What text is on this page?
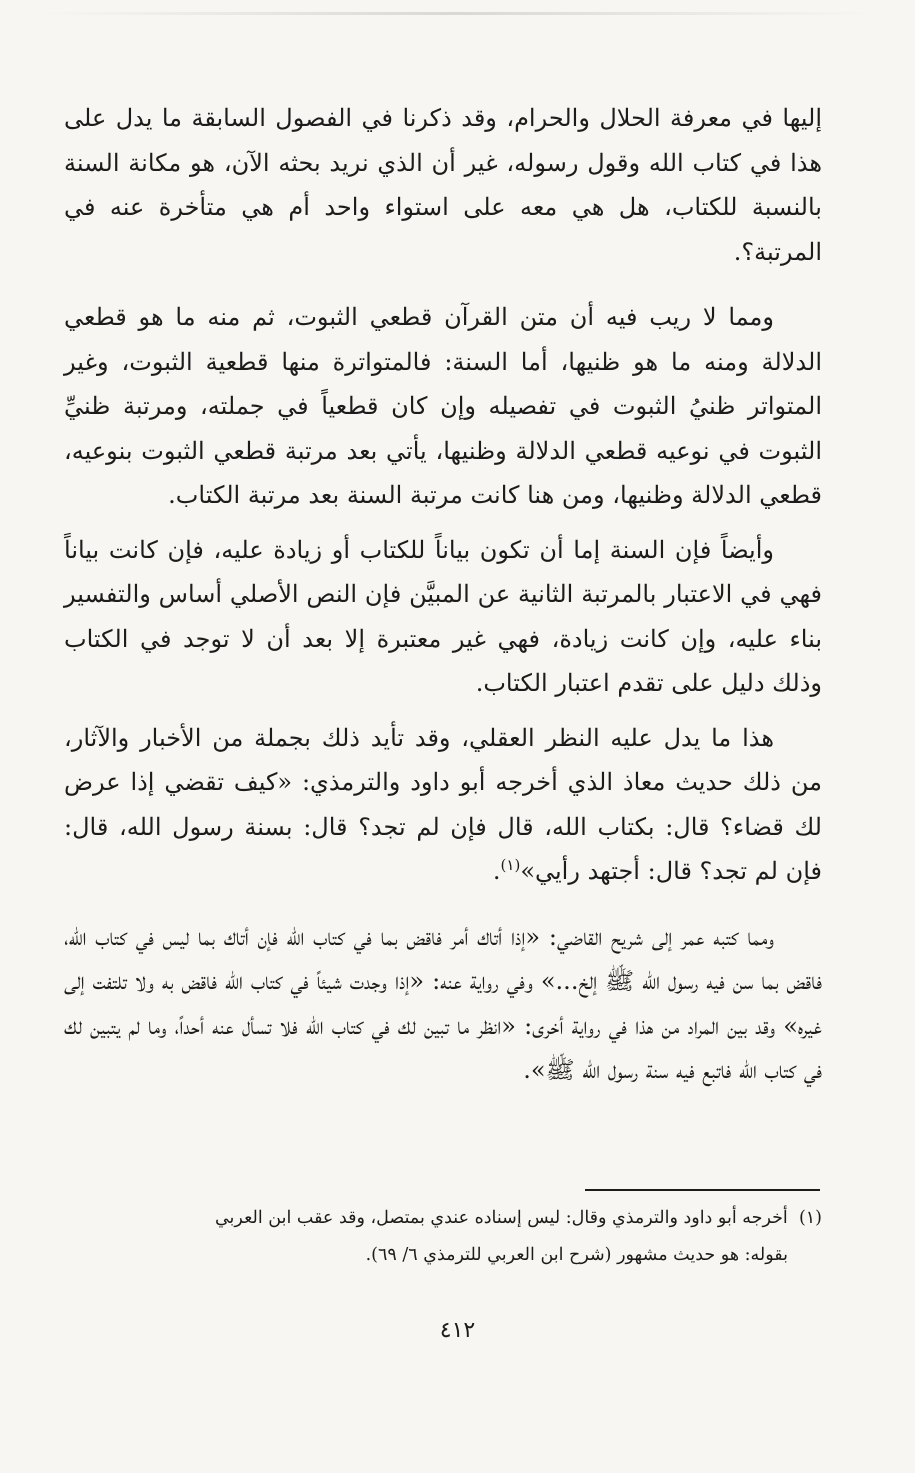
إليها في معرفة الحلال والحرام، وقد ذكرنا في الفصول السابقة ما يدل على هذا في كتاب الله وقول رسوله، غير أن الذي نريد بحثه الآن، هو مكانة السنة بالنسبة للكتاب، هل هي معه على استواء واحد أم هي متأخرة عنه في المرتبة؟.

ومما لا ريب فيه أن متن القرآن قطعي الثبوت، ثم منه ما هو قطعي الدلالة ومنه ما هو ظنيها، أما السنة: فالمتواترة منها قطعية الثبوت، وغير المتواتر ظنيُ الثبوت في تفصيله وإن كان قطعياً في جملته، ومرتبة ظنيِّ الثبوت في نوعيه قطعي الدلالة وظنيها، يأتي بعد مرتبة قطعي الثبوت بنوعيه، قطعي الدلالة وظنيها، ومن هنا كانت مرتبة السنة بعد مرتبة الكتاب.

وأيضاً فإن السنة إما أن تكون بياناً للكتاب أو زيادة عليه، فإن كانت بياناً فهي في الاعتبار بالمرتبة الثانية عن المبيَّن فإن النص الأصلي أساس والتفسير بناء عليه، وإن كانت زيادة، فهي غير معتبرة إلا بعد أن لا توجد في الكتاب وذلك دليل على تقدم اعتبار الكتاب.

هذا ما يدل عليه النظر العقلي، وقد تأيد ذلك بجملة من الأخبار والآثار، من ذلك حديث معاذ الذي أخرجه أبو داود والترمذي: «كيف تقضي إذا عرض لك قضاء؟ قال: بكتاب الله، قال فإن لم تجد؟ قال: بسنة رسول الله، قال: فإن لم تجد؟ قال: أجتهد رأيي»$^{(١)}$.

ومما كتبه عمر إلى شريح القاضي: «إذا أتاك أمر فاقض بما في كتاب الله فإن أتاك بما ليس في كتاب الله، فاقض بما سن فيه رسول الله ﷺ إلخ...» وفي رواية عنه: «إذا وجدت شيئاً في كتاب الله فاقض به ولا تلتفت إلى غيره» وقد بين المراد من هذا في رواية أخرى: «انظر ما تبين لك في كتاب الله فلا تسأل عنه أحداً، وما لم يتبين لك في كتاب الله فاتبع فيه سنة رسول الله ﷺ».

(١)  أخرجه أبو داود والترمذي وقال: ليس إسناده عندي بمتصل، وقد عقب ابن العربي
بقوله: هو حديث مشهور (شرح ابن العربي للترمذي ٦/ ٦٩).
٤١٢
